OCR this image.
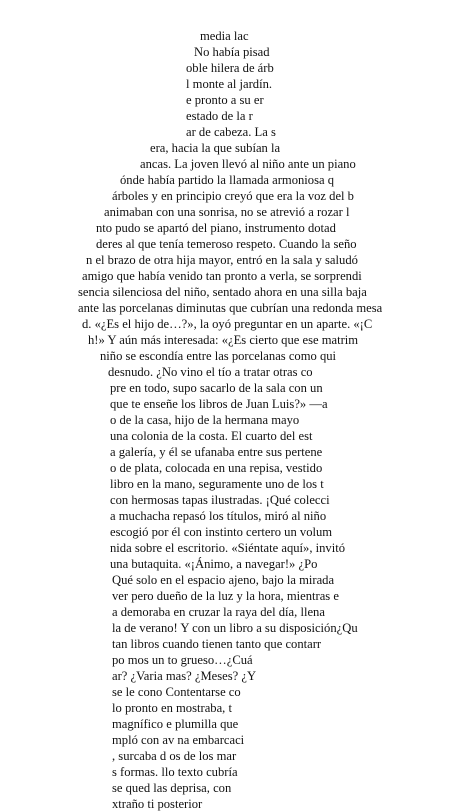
media lac
No había pisad
oble hilera de árb
l monte al jardín.
e pronto a su er
estado de la r
ar de cabeza. La s
era, hacia la que subían la
ancas. La joven llevó al niño ante un piano
ónde había partido la llamada armoniosa q
árboles y en principio creyó que era la voz del b
animaban con una sonrisa, no se atrevió a rozar l
nto pudo se apartó del piano, instrumento dotad
deres al que tenía temeroso respeto. Cuando la seño
n el brazo de otra hija mayor, entró en la sala y saludó
amigo que había venido tan pronto a verla, se sorprendi
sencia silenciosa del niño, sentado ahora en una silla baja
ante las porcelanas diminutas que cubrían una redonda mesa
d. «¿Es el hijo de…?», la oyó preguntar en un aparte. «¡C
h!» Y aún más interesada: «¿Es cierto que ese matrim
niño se escondía entre las porcelanas como qui
desnudo. ¿No vino el tío a tratar otras co
pre en todo, supo sacarlo de la sala con un
que te enseñe los libros de Juan Luis?» —a
o de la casa, hijo de la hermana mayo
una colonia de la costa. El cuarto del est
a galería, y él se ufanaba entre sus pertene
o de plata, colocada en una repisa, vestido
libro en la mano, seguramente uno de los t
con hermosas tapas ilustradas. ¡Qué colecci
a muchacha repasó los títulos, miró al niño
escogió por él con instinto certero un volum
nida sobre el escritorio. «Siéntate aquí», invitó
una butaquita. «¡Ánimo, a navegar!» ¿Po
Qué solo en el espacio ajeno, bajo la mirada
ver pero dueño de la luz y la hora, mientras e
a demoraba en cruzar la raya del día, llena
la de verano! Y con un libro a su disposición¿Qu
tan libros cuando tienen tanto que contarr
po mos un to grueso…¿Cuá
ar? ¿Varia mas? ¿Meses? ¿Y
se le cono Contentarse co
lo pronto en mostraba, t
magnífico e plumilla que
mpló con av na embarcaci
, surcaba d os de los mar
s formas. llo texto cubría
se qued las deprisa, con
xtraño ti posterior
